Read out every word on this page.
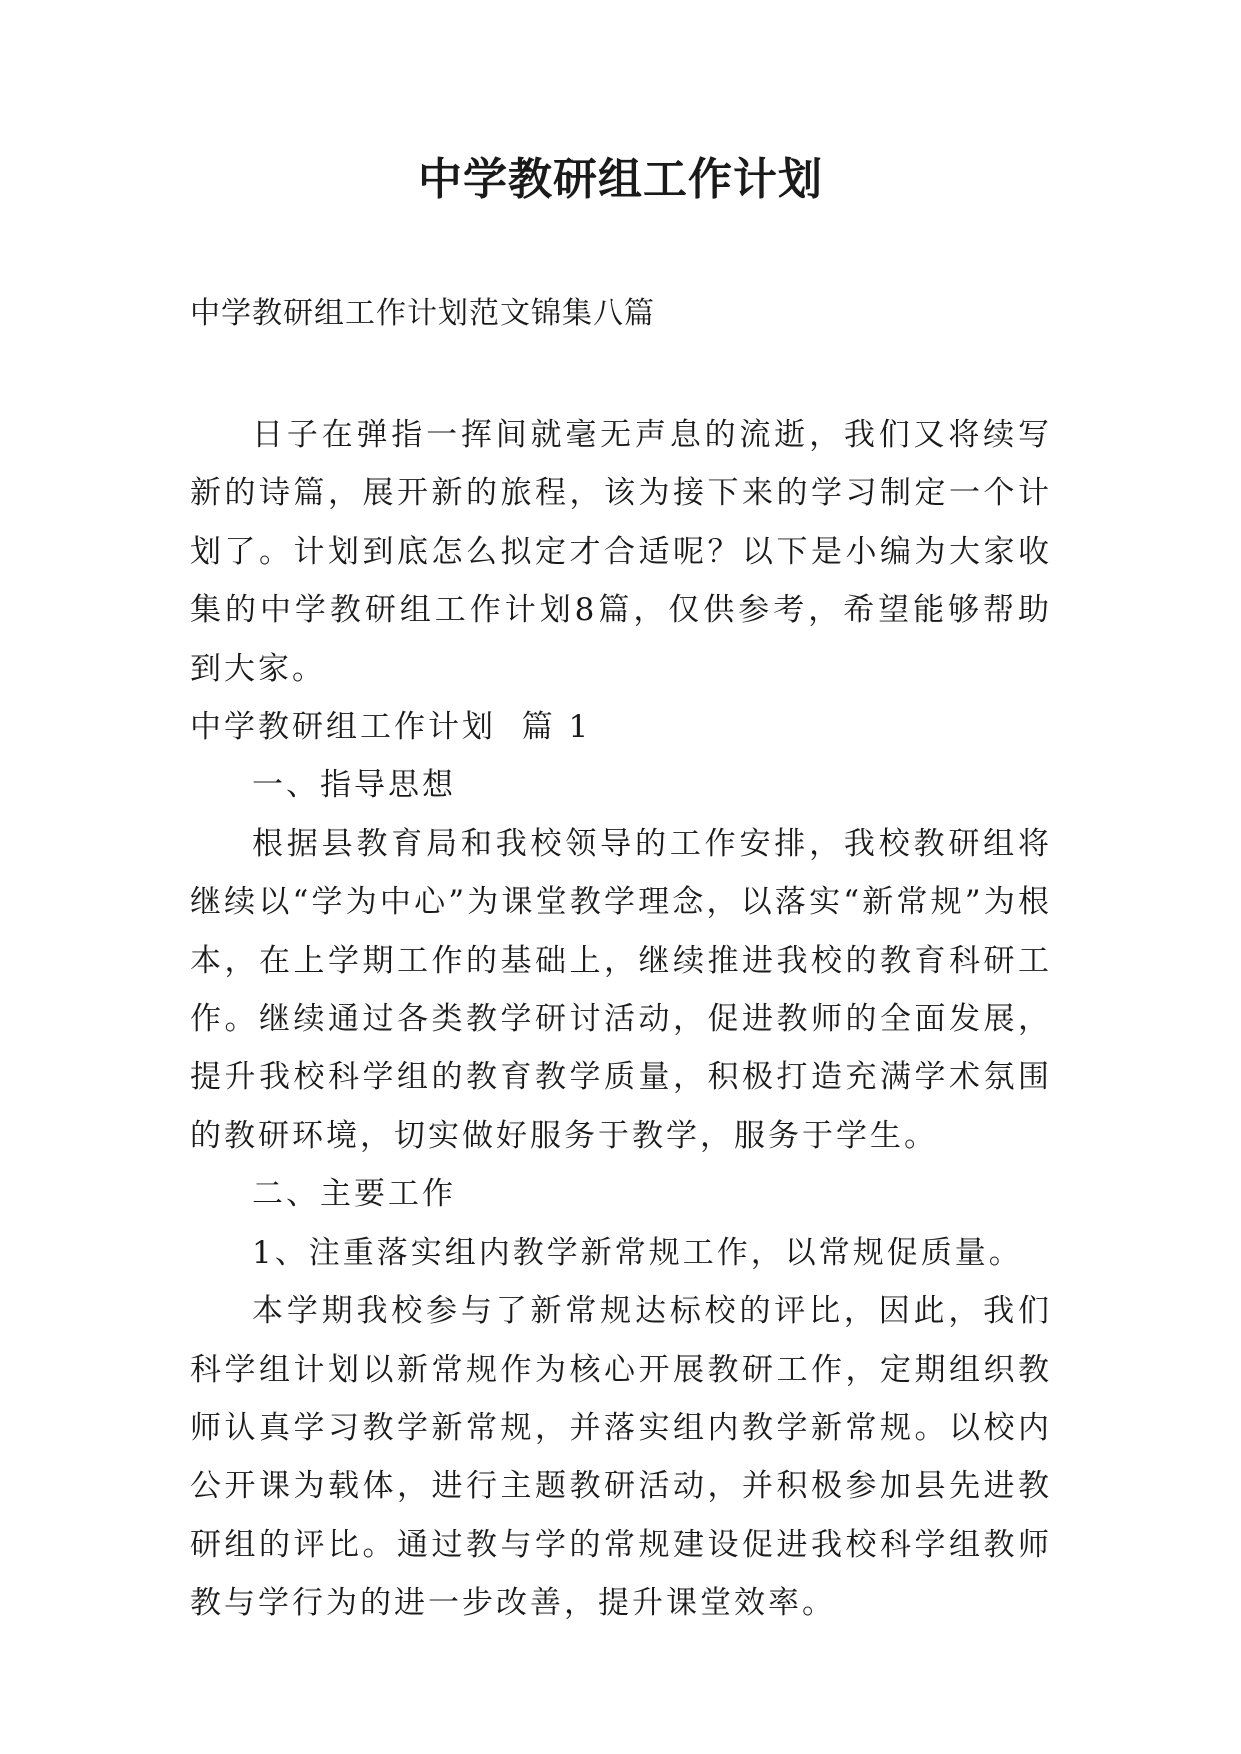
中学教研组工作计划

中学教研组工作计划范文锦集八篇

日子在弹指一挥间就毫无声息的流逝，我们又将续写新的诗篇，展开新的旅程，该为接下来的学习制定一个计划了。计划到底怎么拟定才合适呢？以下是小编为大家收集的中学教研组工作计划8篇，仅供参考，希望能够帮助到大家。

中学教研组工作计划  篇 1

一、指导思想

根据县教育局和我校领导的工作安排，我校教研组将继续以“学为中心”为课堂教学理念，以落实“新常规”为根本，在上学期工作的基础上，继续推进我校的教育科研工作。继续通过各类教学研讨活动，促进教师的全面发展，提升我校科学组的教育教学质量，积极打造充满学术氛围的教研环境，切实做好服务于教学，服务于学生。

二、主要工作

1、注重落实组内教学新常规工作，以常规促质量。

本学期我校参与了新常规达标校的评比，因此，我们科学组计划以新常规作为核心开展教研工作，定期组织教师认真学习教学新常规，并落实组内教学新常规。以校内公开课为载体，进行主题教研活动，并积极参加县先进教研组的评比。通过教与学的常规建设促进我校科学组教师教与学行为的进一步改善，提升课堂效率。
